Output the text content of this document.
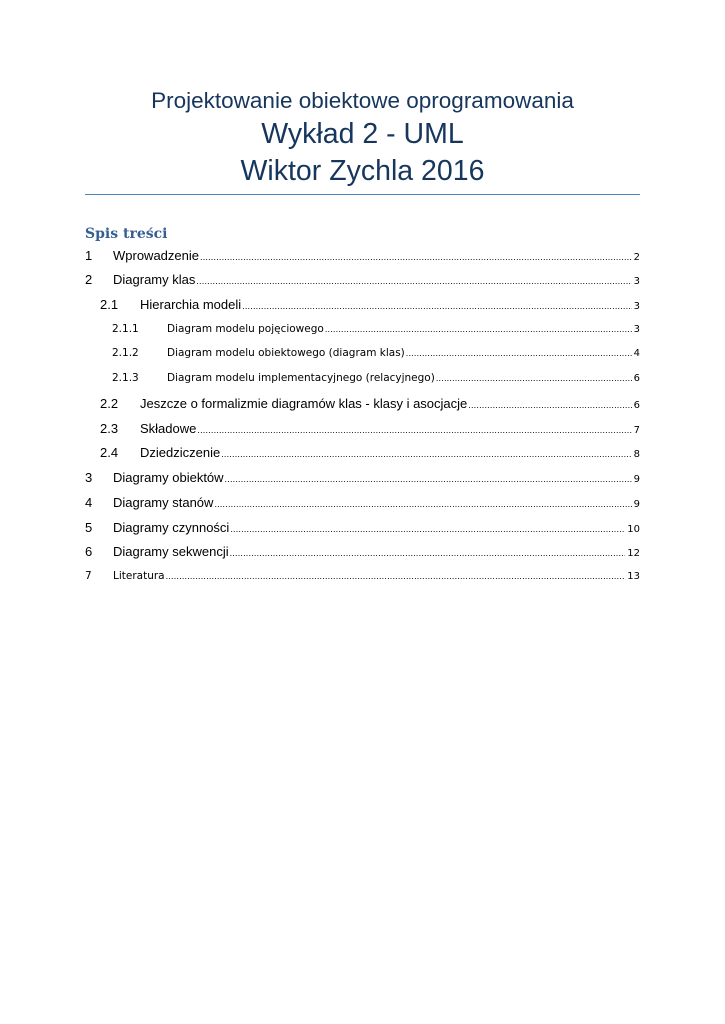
Projektowanie obiektowe oprogramowania

Wykład 2 - UML

Wiktor Zychla 2016

Spis treści

1	Wprowadzenie .....	2
2	Diagramy klas .....	3
2.1	Hierarchia modeli .....	3
2.1.1	Diagram modelu pojęciowego .....	3
2.1.2	Diagram modelu obiektowego (diagram klas) .....	4
2.1.3	Diagram modelu implementacyjnego (relacyjnego) .....	6
2.2	Jeszcze o formalizmie diagramów klas - klasy i asocjacje .....	6
2.3	Składowe .....	7
2.4	Dziedziczenie .....	8
3	Diagramy obiektów .....	9
4	Diagramy stanów .....	9
5	Diagramy czynności .....	10
6	Diagramy sekwencji .....	12
7	Literatura .....	13
